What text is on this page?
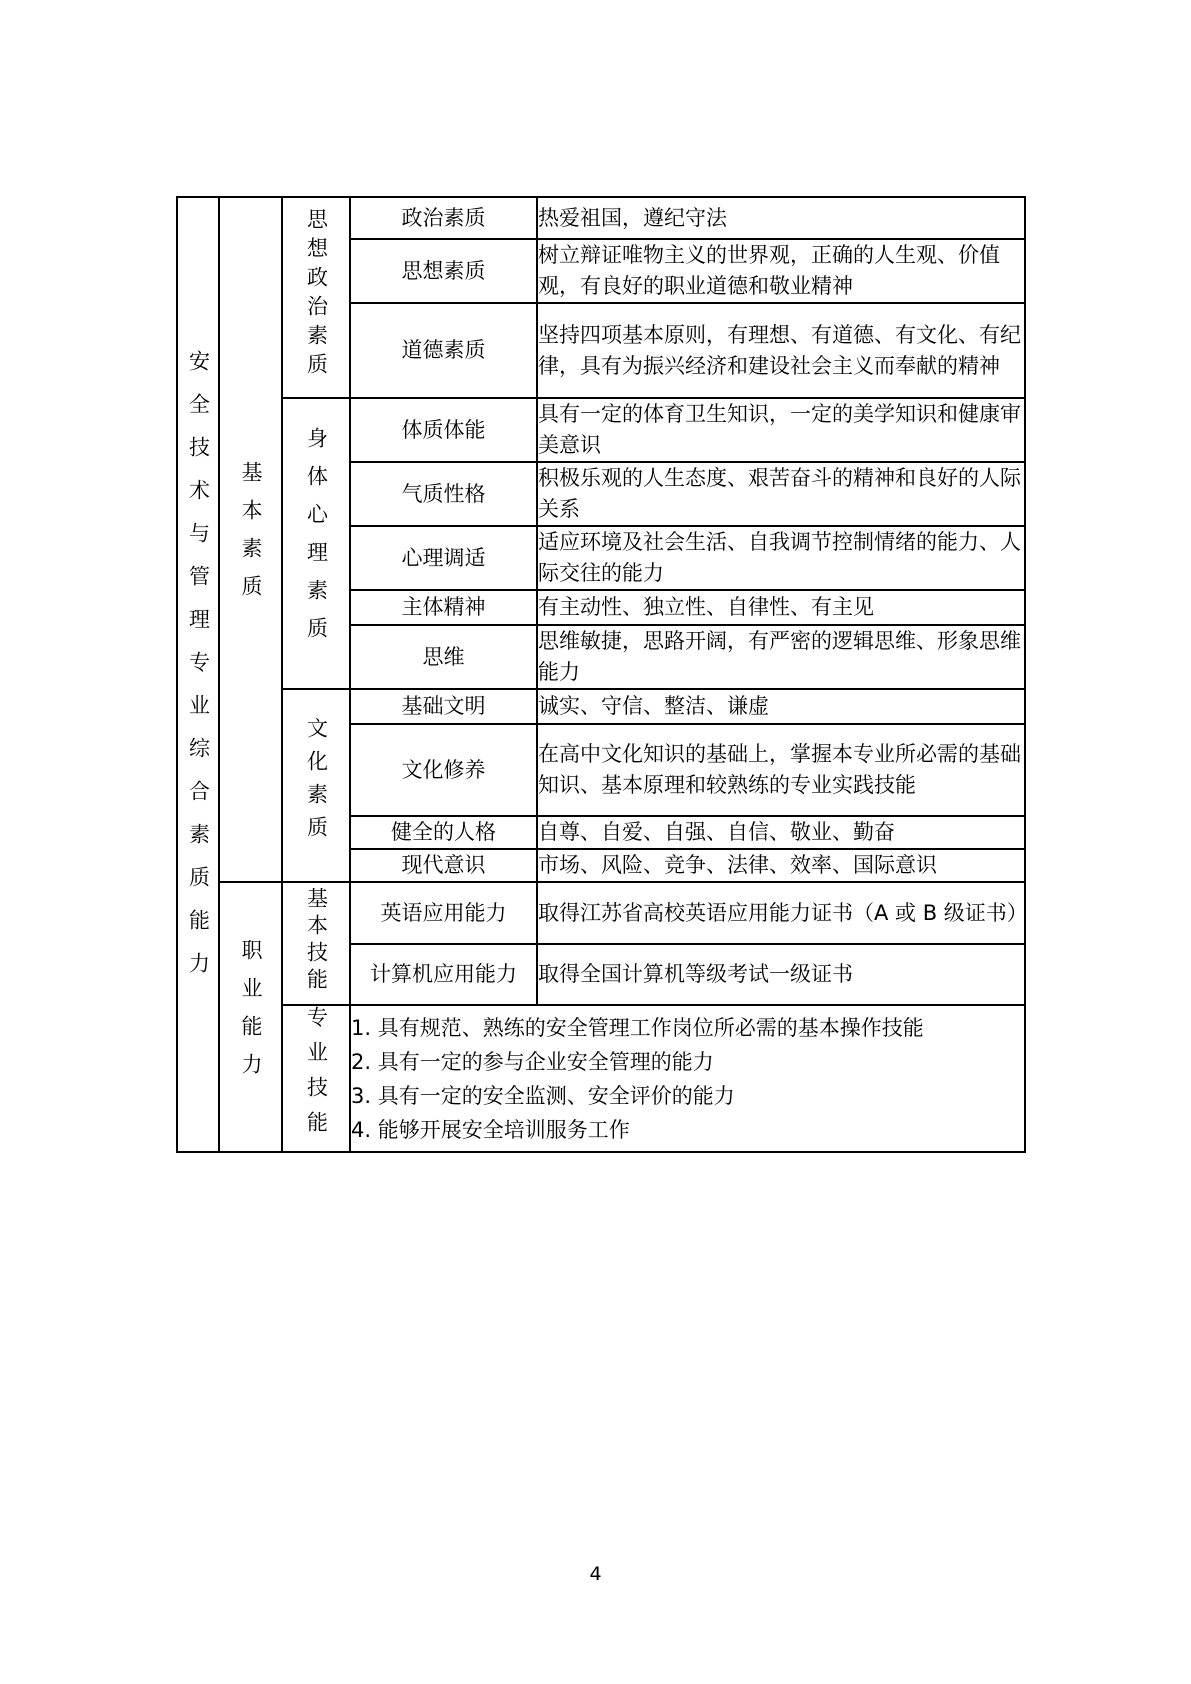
安全技术与管理专业综合素质能力	基本素质	思想政治素质	政治素质	热爱祖国，遵纪守法
			思想素质	树立辩证唯物主义的世界观，正确的人生观、价值观，有良好的职业道德和敬业精神
			道德素质	坚持四项基本原则，有理想、有道德、有文化、有纪律，具有为振兴经济和建设社会主义而奉献的精神
		身体心理素质	体质体能	具有一定的体育卫生知识，一定的美学知识和健康审美意识
			气质性格	积极乐观的人生态度、艰苦奋斗的精神和良好的人际关系
			心理调适	适应环境及社会生活、自我调节控制情绪的能力、人际交往的能力
			主体精神	有主动性、独立性、自律性、有主见
			思维	思维敏捷，思路开阔，有严密的逻辑思维、形象思维能力
		文化素质	基础文明	诚实、守信、整洁、谦虚
			文化修养	在高中文化知识的基础上，掌握本专业所必需的基础知识、基本原理和较熟练的专业实践技能
			健全的人格	自尊、自爱、自强、自信、敬业、勤奋
			现代意识	市场、风险、竞争、法律、效率、国际意识
	职业能力	基本技能	英语应用能力	取得江苏省高校英语应用能力证书（A 或 B 级证书）
			计算机应用能力	取得全国计算机等级考试一级证书
		专业技能	1. 具有规范、熟练的安全管理工作岗位所必需的基本操作技能
2. 具有一定的参与企业安全管理的能力
3. 具有一定的安全监测、安全评价的能力
4. 能够开展安全培训服务工作	
4
